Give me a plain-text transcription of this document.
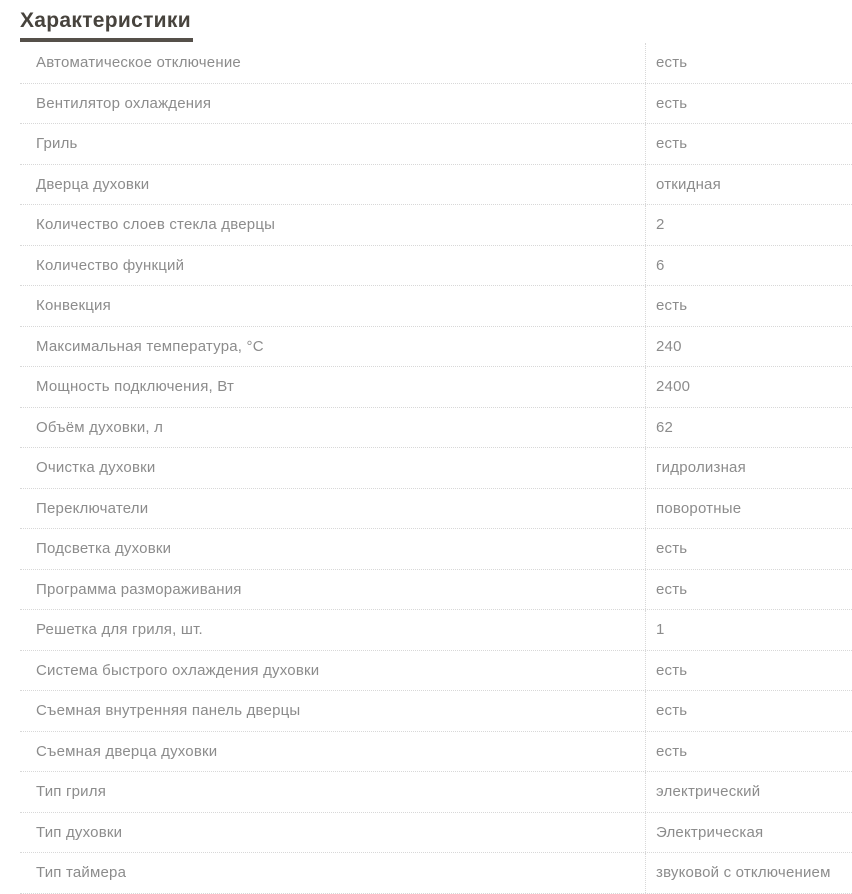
Характеристики
Автоматическое отключение	есть
Вентилятор охлаждения	есть
Гриль	есть
Дверца духовки	откидная
Количество слоев стекла дверцы	2
Количество функций	6
Конвекция	есть
Максимальная температура, °C	240
Мощность подключения, Вт	2400
Объём духовки, л	62
Очистка духовки	гидролизная
Переключатели	поворотные
Подсветка духовки	есть
Программа размораживания	есть
Решетка для гриля, шт.	1
Система быстрого охлаждения духовки	есть
Съемная внутренняя панель дверцы	есть
Съемная дверца духовки	есть
Тип гриля	электрический
Тип духовки	Электрическая
Тип таймера	звуковой с отключением
